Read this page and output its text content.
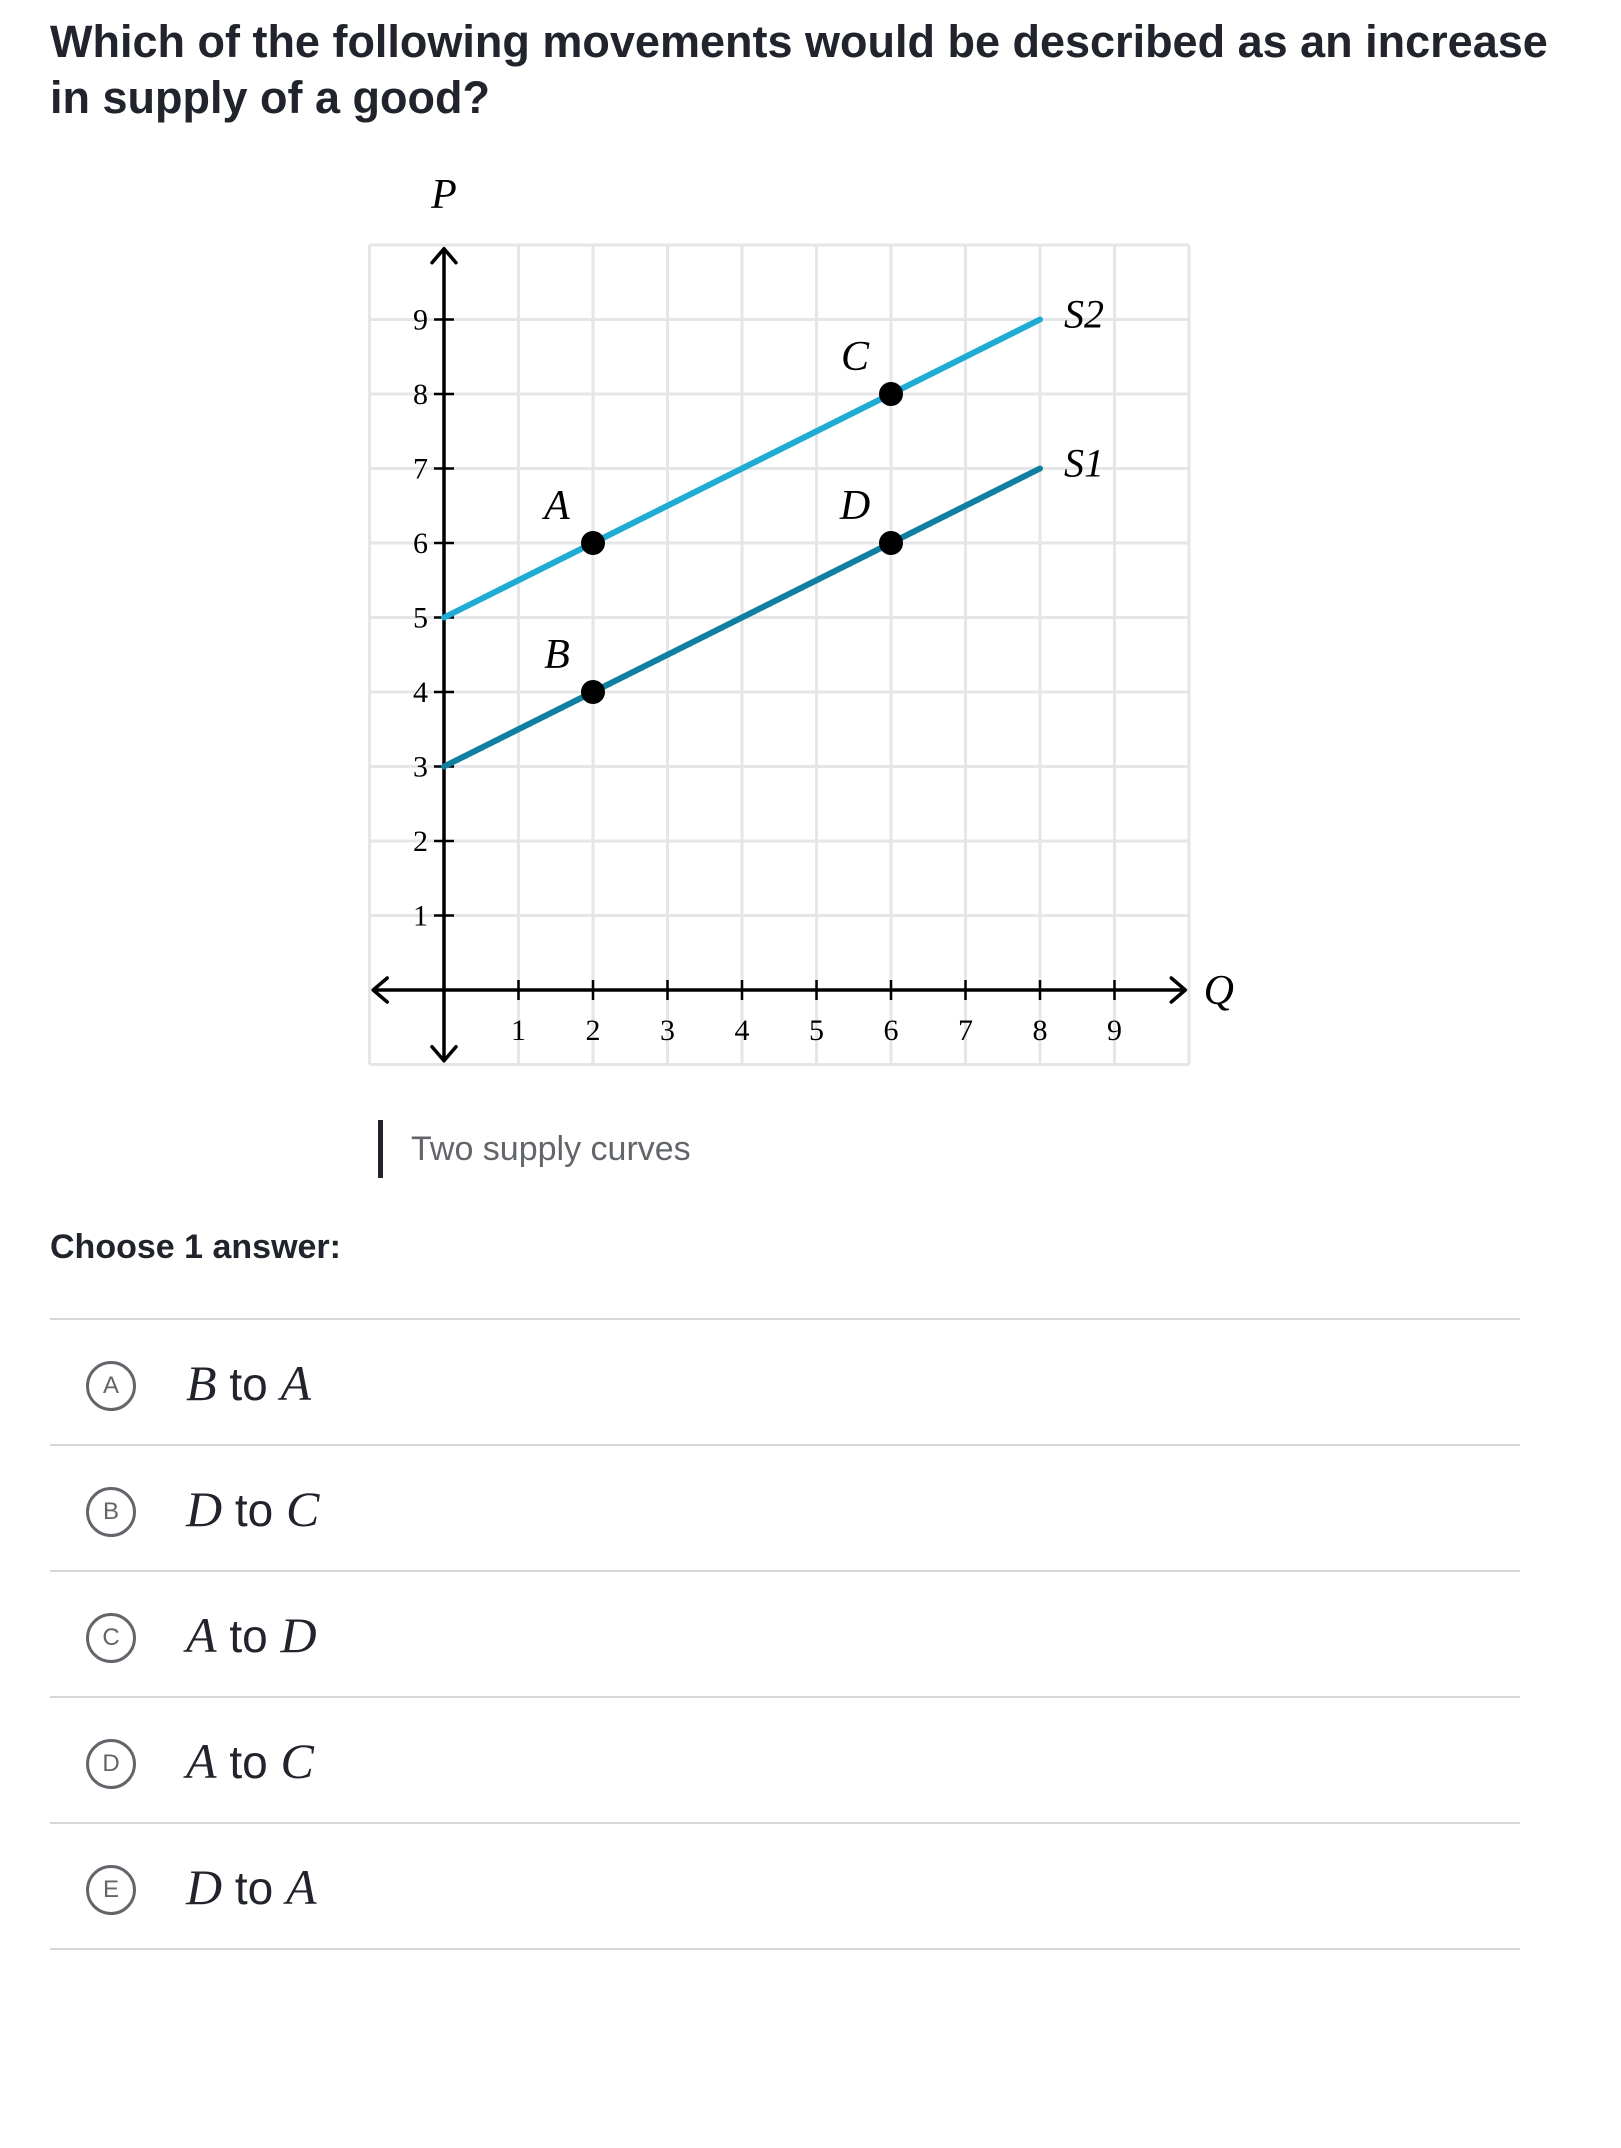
Which of the following movements would be described as an increase in supply of a good?
1
1
2
2
3
3
4
4
5
5
6
6
7
7
8
8
9
9	S2
S1
A
B
C
D
P
Q
Two supply curves
Choose 1 answer:
A	B to A
B	D to C
C	A to D
D	A to C
E	D to A
